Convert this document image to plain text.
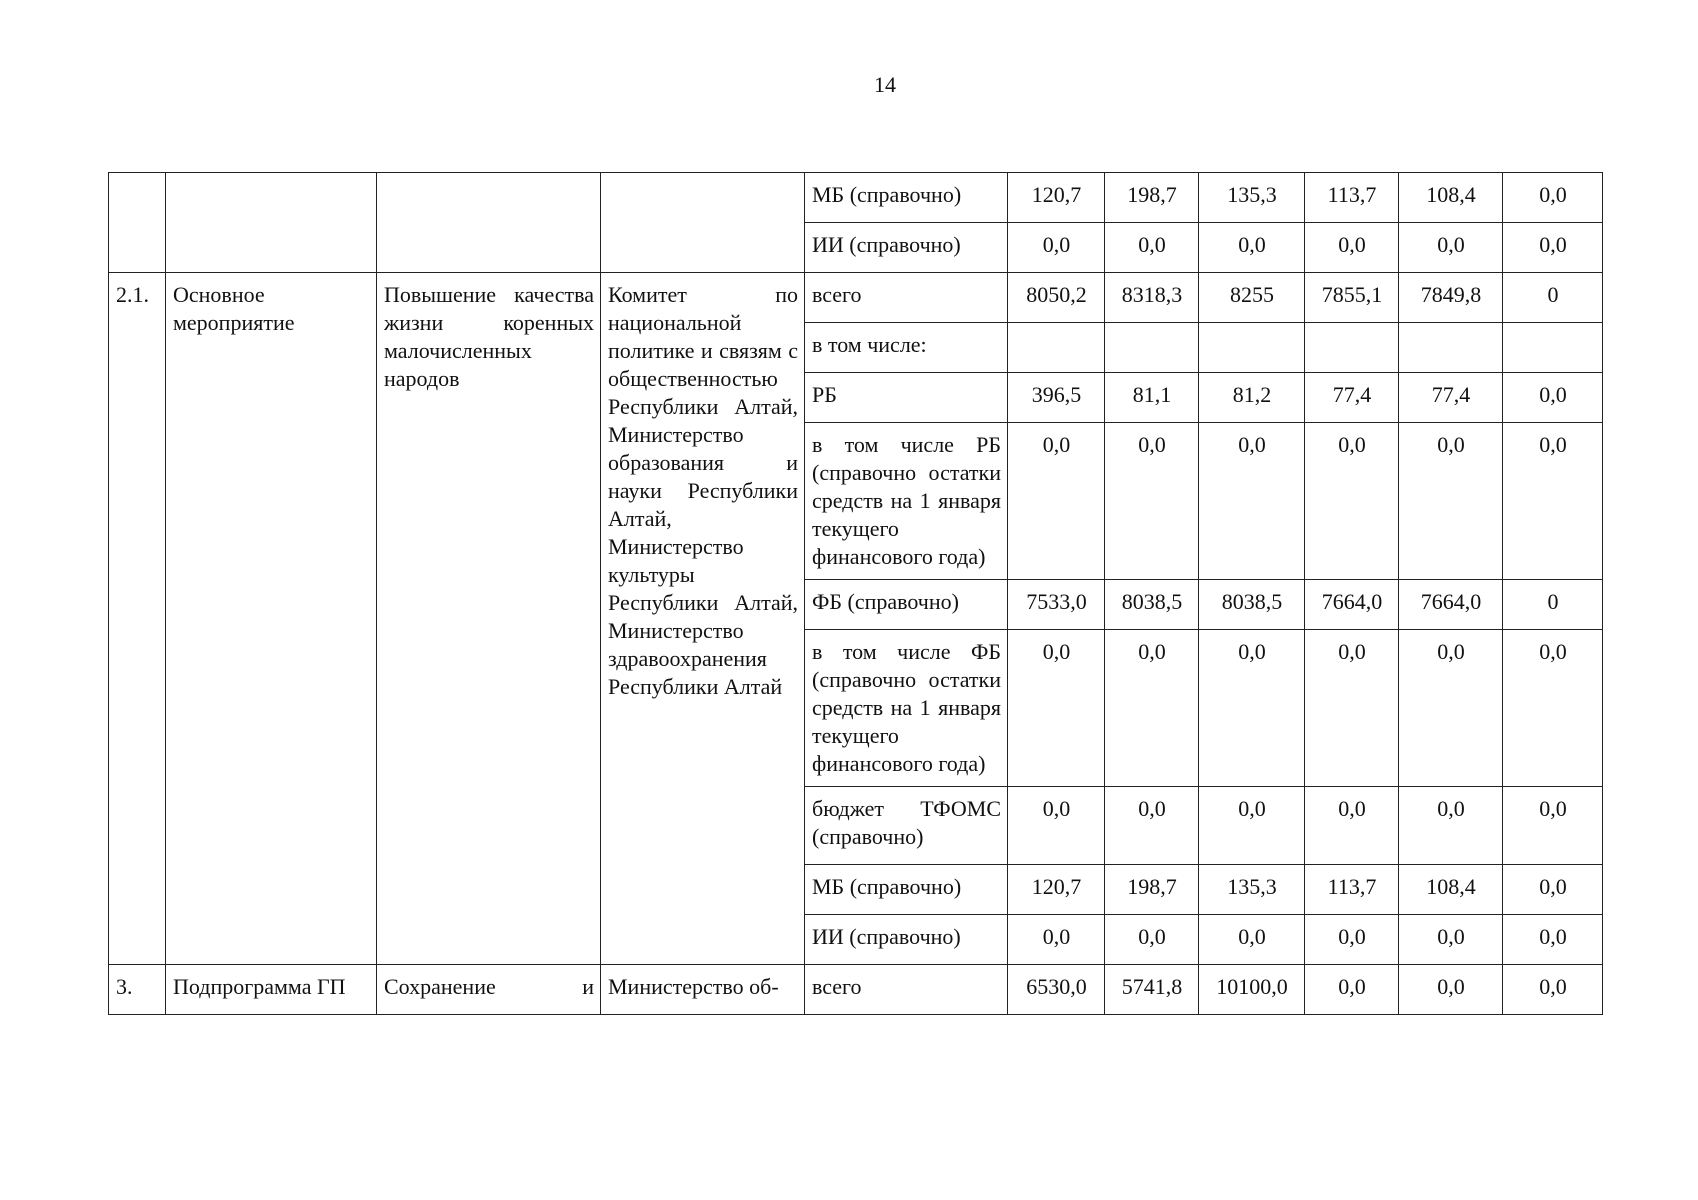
14
				МБ (справочно)	120,7	198,7	135,3	113,7	108,4	0,0
				ИИ (справочно)	0,0	0,0	0,0	0,0	0,0	0,0
2.1.	Основное мероприятие	Повышение качества жизни коренных малочисленных народов	Комитет по национальной политике и связям с общественностью Республики Алтай, Министерство образования и науки Республики Алтай, Министерство культуры Республики Алтай, Министерство здравоохранения Республики Алтай	всего	8050,2	8318,3	8255	7855,1	7849,8	0
				в том числе:						
				РБ	396,5	81,1	81,2	77,4	77,4	0,0
				в том числе РБ (справочно остатки средств на 1 января текущего финансового года)	0,0	0,0	0,0	0,0	0,0	0,0
				ФБ (справочно)	7533,0	8038,5	8038,5	7664,0	7664,0	0
				в том числе ФБ (справочно остатки средств на 1 января текущего финансового года)	0,0	0,0	0,0	0,0	0,0	0,0
				бюджет ТФОМС (справочно)	0,0	0,0	0,0	0,0	0,0	0,0
				МБ (справочно)	120,7	198,7	135,3	113,7	108,4	0,0
				ИИ (справочно)	0,0	0,0	0,0	0,0	0,0	0,0
3.	Подпрограмма ГП	Сохранение и	Министерство об-	всего	6530,0	5741,8	10100,0	0,0	0,0	0,0
